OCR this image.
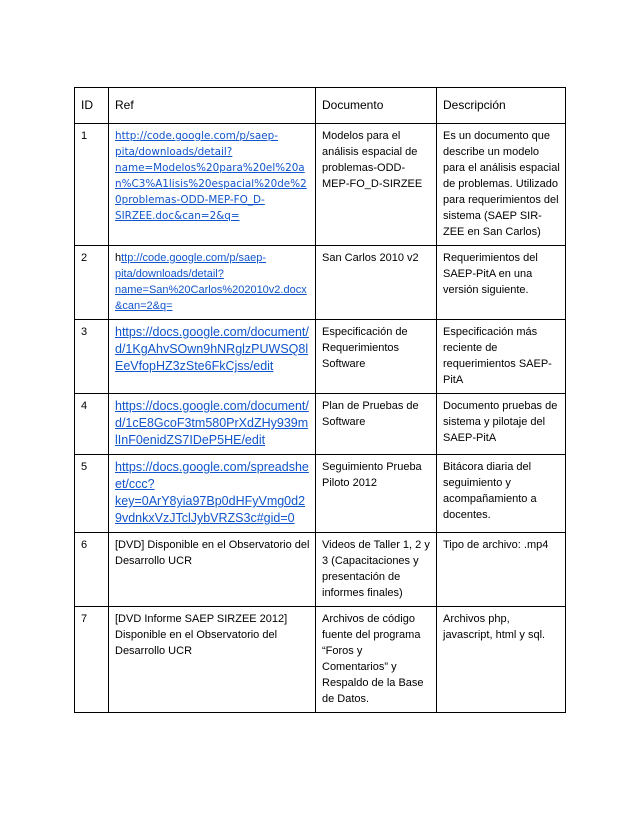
ID	Ref	Documento	Descripción
1	http://code.google.com/p/saep-pita/downloads/detail?name=Modelos%20para%20el%20an%C3%A1lisis%20espacial%20de%20problemas-ODD-MEP-FO_D-SIRZEE.doc&can=2&q=	Modelos para el análisis espacial de problemas-ODD-MEP-FO_D-SIRZEE	Es un documento que describe un modelo para el análisis espacial de problemas. Utilizado para requerimientos del sistema (SAEP SIR-ZEE en San Carlos)
2	http://code.google.com/p/saep-pita/downloads/detail?name=San%20Carlos%202010v2.docx&can=2&q=	San Carlos 2010 v2	Requerimientos del SAEP-PitA en una versión siguiente.
3	https://docs.google.com/document/d/1KgAhvSOwn9hNRglzPUWSQ8lEeVfopHZ3zSte6FkCjss/edit	Especificación de Requerimientos Software	Especificación más reciente de requerimientos SAEP-PitA
4	https://docs.google.com/document/d/1cE8GcoF3tm580PrXdZHy939mlInF0enidZS7IDeP5HE/edit	Plan de Pruebas de Software	Documento pruebas de sistema y pilotaje del SAEP-PitA
5	https://docs.google.com/spreadsheet/ccc?key=0ArY8yia97Bp0dHFyVmg0d29vdnkxVzJTclJybVRZS3c#gid=0	Seguimiento Prueba Piloto 2012	Bitácora diaria del seguimiento y acompañamiento a docentes.
6	[DVD] Disponible en el Observatorio del Desarrollo UCR	Videos de Taller 1, 2 y 3 (Capacitaciones y presentación de informes finales)	Tipo de archivo: .mp4
7	[DVD Informe SAEP SIRZEE 2012] Disponible en el Observatorio del Desarrollo UCR	Archivos de código fuente del programa “Foros y Comentarios” y Respaldo de la Base de Datos.	Archivos php, javascript, html y sql.
